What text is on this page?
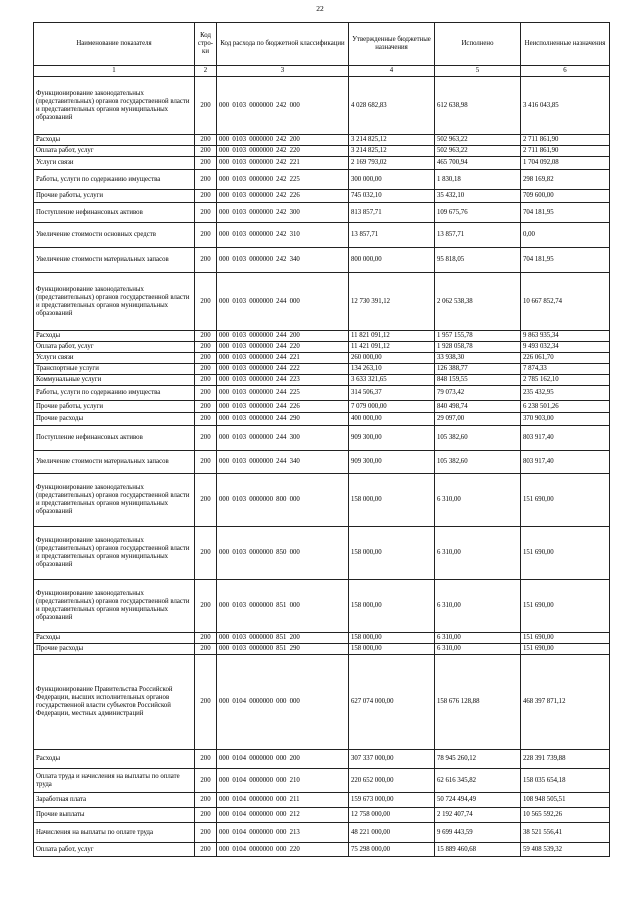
22
Наименование показателя	Код стро-ки	Код расхода по бюджетной классификации	Утвержденные бюджетные назначения	Исполнено	Неисполненные назначения
1	2	3	4	5	6
Функционирование законодательных (представительных) органов государственной власти и представительных органов муниципальных образований	200	000 0103 0000000 242 000	4 028 682,83	612 638,98	3 416 043,85
Расходы	200	000 0103 0000000 242 200	3 214 825,12	502 963,22	2 711 861,90
Оплата работ, услуг	200	000 0103 0000000 242 220	3 214 825,12	502 963,22	2 711 861,90
Услуги связи	200	000 0103 0000000 242 221	2 169 793,02	465 700,94	1 704 092,08
Работы, услуги по содержанию имущества	200	000 0103 0000000 242 225	300 000,00	1 830,18	298 169,82
Прочие работы, услуги	200	000 0103 0000000 242 226	745 032,10	35 432,10	709 600,00
Поступление нефинансовых активов	200	000 0103 0000000 242 300	813 857,71	109 675,76	704 181,95
Увеличение стоимости основных средств	200	000 0103 0000000 242 310	13 857,71	13 857,71	0,00
Увеличение стоимости материальных запасов	200	000 0103 0000000 242 340	800 000,00	95 818,05	704 181,95
Функционирование законодательных (представительных) органов государственной власти и представительных органов муниципальных образований	200	000 0103 0000000 244 000	12 730 391,12	2 062 538,38	10 667 852,74
Расходы	200	000 0103 0000000 244 200	11 821 091,12	1 957 155,78	9 863 935,34
Оплата работ, услуг	200	000 0103 0000000 244 220	11 421 091,12	1 928 058,78	9 493 032,34
Услуги связи	200	000 0103 0000000 244 221	260 000,00	33 938,30	226 061,70
Транспортные услуги	200	000 0103 0000000 244 222	134 263,10	126 388,77	7 874,33
Коммунальные услуги	200	000 0103 0000000 244 223	3 633 321,65	848 159,55	2 785 162,10
Работы, услуги по содержанию имущества	200	000 0103 0000000 244 225	314 506,37	79 073,42	235 432,95
Прочие работы, услуги	200	000 0103 0000000 244 226	7 079 000,00	840 498,74	6 238 501,26
Прочие расходы	200	000 0103 0000000 244 290	400 000,00	29 097,00	370 903,00
Поступление нефинансовых активов	200	000 0103 0000000 244 300	909 300,00	105 382,60	803 917,40
Увеличение стоимости материальных запасов	200	000 0103 0000000 244 340	909 300,00	105 382,60	803 917,40
Функционирование законодательных (представительных) органов государственной власти и представительных органов муниципальных образований	200	000 0103 0000000 800 000	158 000,00	6 310,00	151 690,00
Функционирование законодательных (представительных) органов государственной власти и представительных органов муниципальных образований	200	000 0103 0000000 850 000	158 000,00	6 310,00	151 690,00
Функционирование законодательных (представительных) органов государственной власти и представительных органов муниципальных образований	200	000 0103 0000000 851 000	158 000,00	6 310,00	151 690,00
Расходы	200	000 0103 0000000 851 200	158 000,00	6 310,00	151 690,00
Прочие расходы	200	000 0103 0000000 851 290	158 000,00	6 310,00	151 690,00
Функционирование Правительства Российской Федерации, высших исполнительных органов государственной власти субъектов Российской Федерации, местных администраций	200	000 0104 0000000 000 000	627 074 000,00	158 676 128,88	468 397 871,12
Расходы	200	000 0104 0000000 000 200	307 337 000,00	78 945 260,12	228 391 739,88
Оплата труда и начисления на выплаты по оплате труда	200	000 0104 0000000 000 210	220 652 000,00	62 616 345,82	158 035 654,18
Заработная плата	200	000 0104 0000000 000 211	159 673 000,00	50 724 494,49	108 948 505,51
Прочие выплаты	200	000 0104 0000000 000 212	12 758 000,00	2 192 407,74	10 565 592,26
Начисления на выплаты по оплате труда	200	000 0104 0000000 000 213	48 221 000,00	9 699 443,59	38 521 556,41
Оплата работ, услуг	200	000 0104 0000000 000 220	75 298 000,00	15 889 460,68	59 408 539,32
